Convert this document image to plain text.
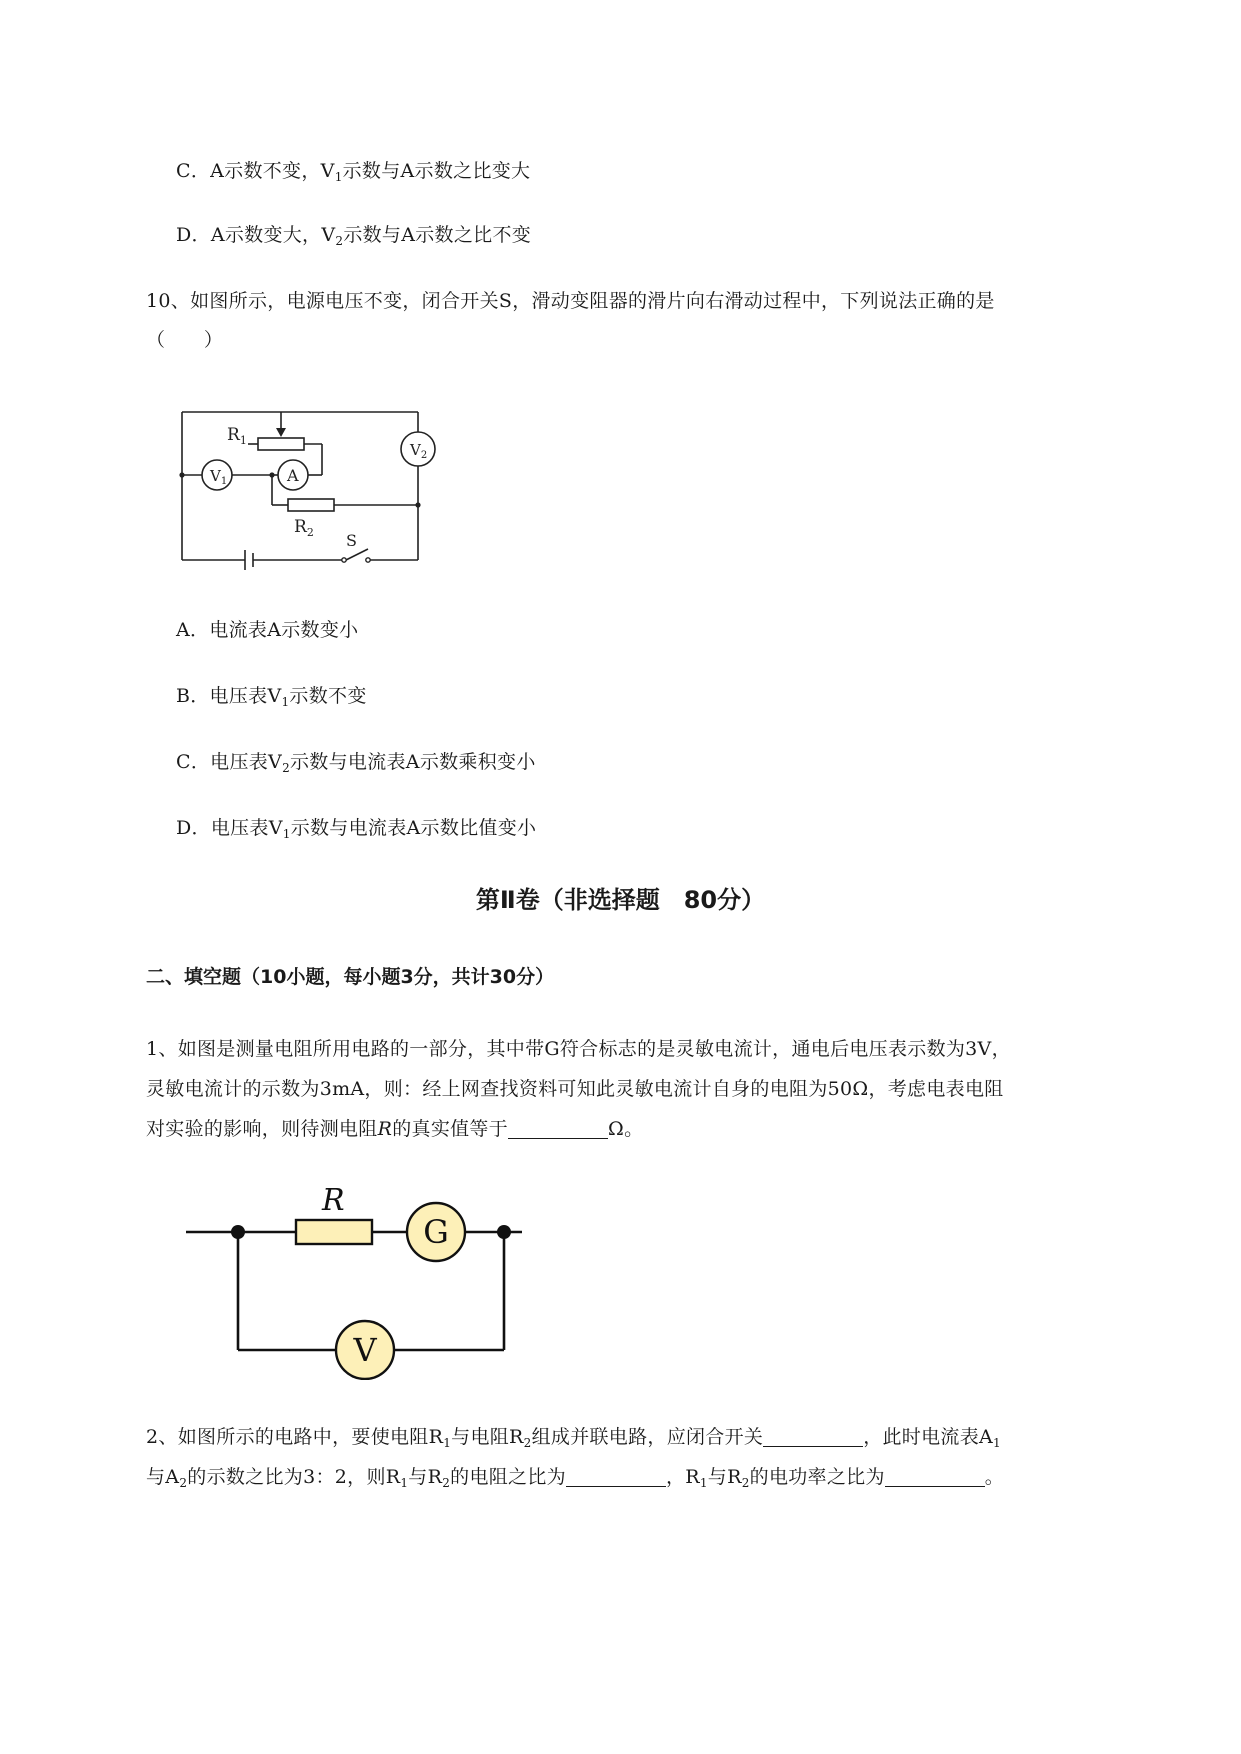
C．A示数不变，$V_1$示数与A示数之比变大
D．A示数变大，$V_2$示数与A示数之比不变
10、如图所示，电源电压不变，闭合开关S，滑动变阻器的滑片向右滑动过程中，下列说法正确的是
（　　）
$R_1$
$V_1$	A
$V_2$
$R_2$ S
A．电流表A示数变小
B．电压表$V_1$示数不变
C．电压表$V_2$示数与电流表A示数乘积变小
D．电压表$V_1$示数与电流表A示数比值变小
第Ⅱ卷（非选择题　80分）
二、填空题（10小题，每小题3分，共计30分）
1、如图是测量电阻所用电路的一部分，其中带G符合标志的是灵敏电流计，通电后电压表示数为3V，
灵敏电流计的示数为3mA，则：经上网查找资料可知此灵敏电流计自身的电阻为50Ω，考虑电表电阻
对实验的影响，则待测电阻R的真实值等于	Ω。
R
G
V
2、如图所示的电路中，要使电阻$R_1$与电阻$R_2$组成并联电路，应闭合开关	，此时电流表$A_1$
与$A_2$的示数之比为3：2，则$R_1$与$R_2$的电阻之比为	，$R_1$与$R_2$的电功率之比为	。
